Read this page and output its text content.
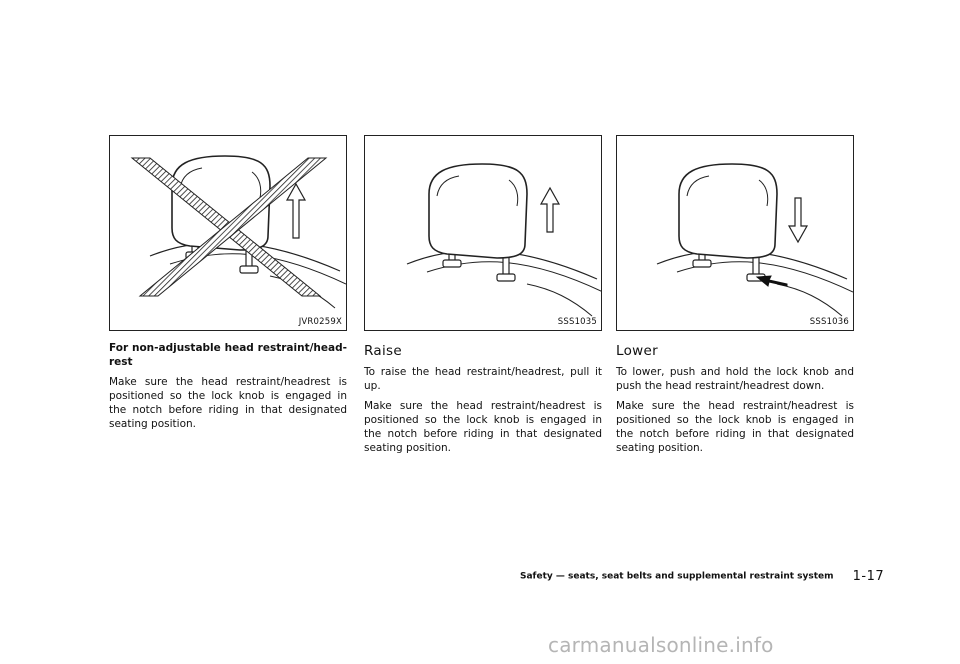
JVR0259X
For non-adjustable head restraint/head-rest
Make sure the head restraint/headrest is positioned so the lock knob is engaged in the notch before riding in that designated seating position.
SSS1035
Raise
To raise the head restraint/headrest, pull it up.
Make sure the head restraint/headrest is positioned so the lock knob is engaged in the notch before riding in that designated seating position.
SSS1036
Lower
To lower, push and hold the lock knob and push the head restraint/headrest down.
Make sure the head restraint/headrest is positioned so the lock knob is engaged in the notch before riding in that designated seating position.
Safety — seats, seat belts and supplemental restraint system 1-17
carmanualsonline.info
